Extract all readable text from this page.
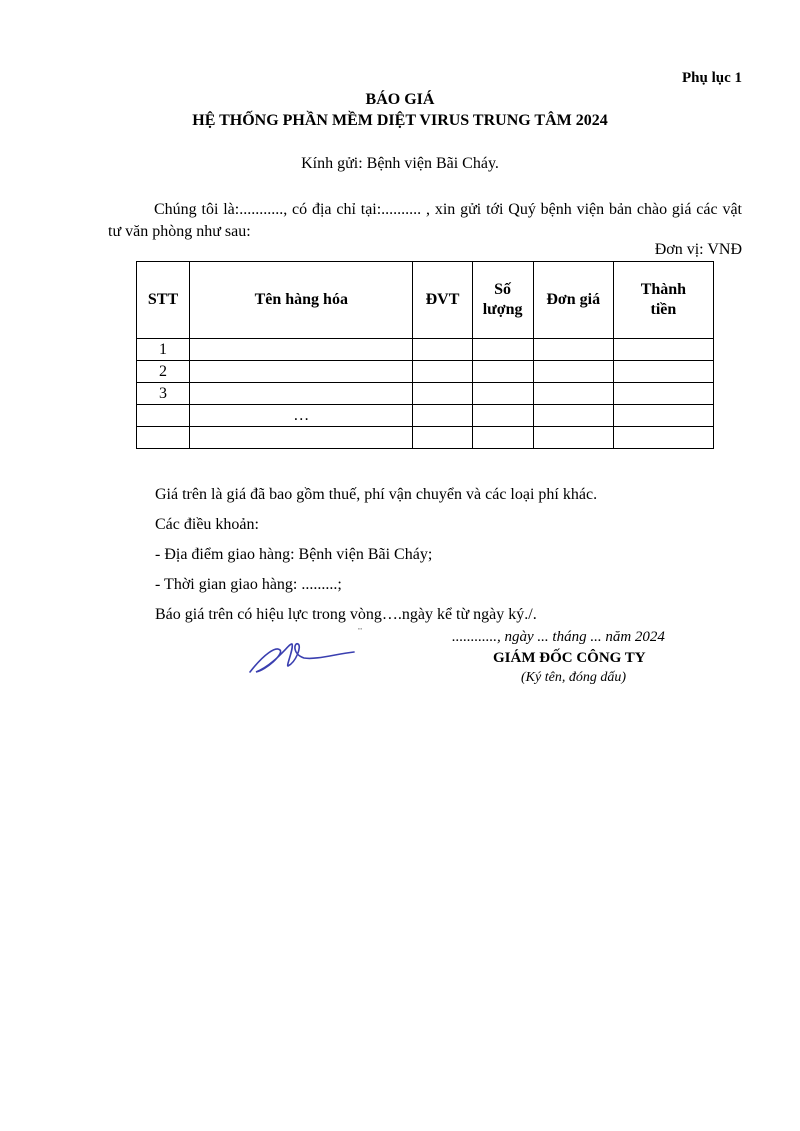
Phụ lục 1
BÁO GIÁ
HỆ THỐNG PHẦN MỀM DIỆT VIRUS TRUNG TÂM 2024
Kính gửi: Bệnh viện Bãi Cháy.
Chúng tôi là:..........., có địa chỉ tại:.......... , xin gửi tới Quý bệnh viện bản chào giá các vật tư văn phòng như sau:
Đơn vị: VNĐ
STT	Tên hàng hóa	ĐVT	Số lượng	Đơn giá	Thành tiền
1					
2					
3					
	…				

Giá trên là giá đã bao gồm thuế, phí vận chuyển và các loại phí khác.
Các điều khoản:
- Địa điểm giao hàng: Bệnh viện Bãi Cháy;
- Thời gian giao hàng: .........;
Báo giá trên có hiệu lực trong vòng….ngày kể từ ngày ký./.
▪▪▪
............, ngày ... tháng ... năm 2024
GIÁM ĐỐC CÔNG TY
(Ký tên, đóng dấu)
